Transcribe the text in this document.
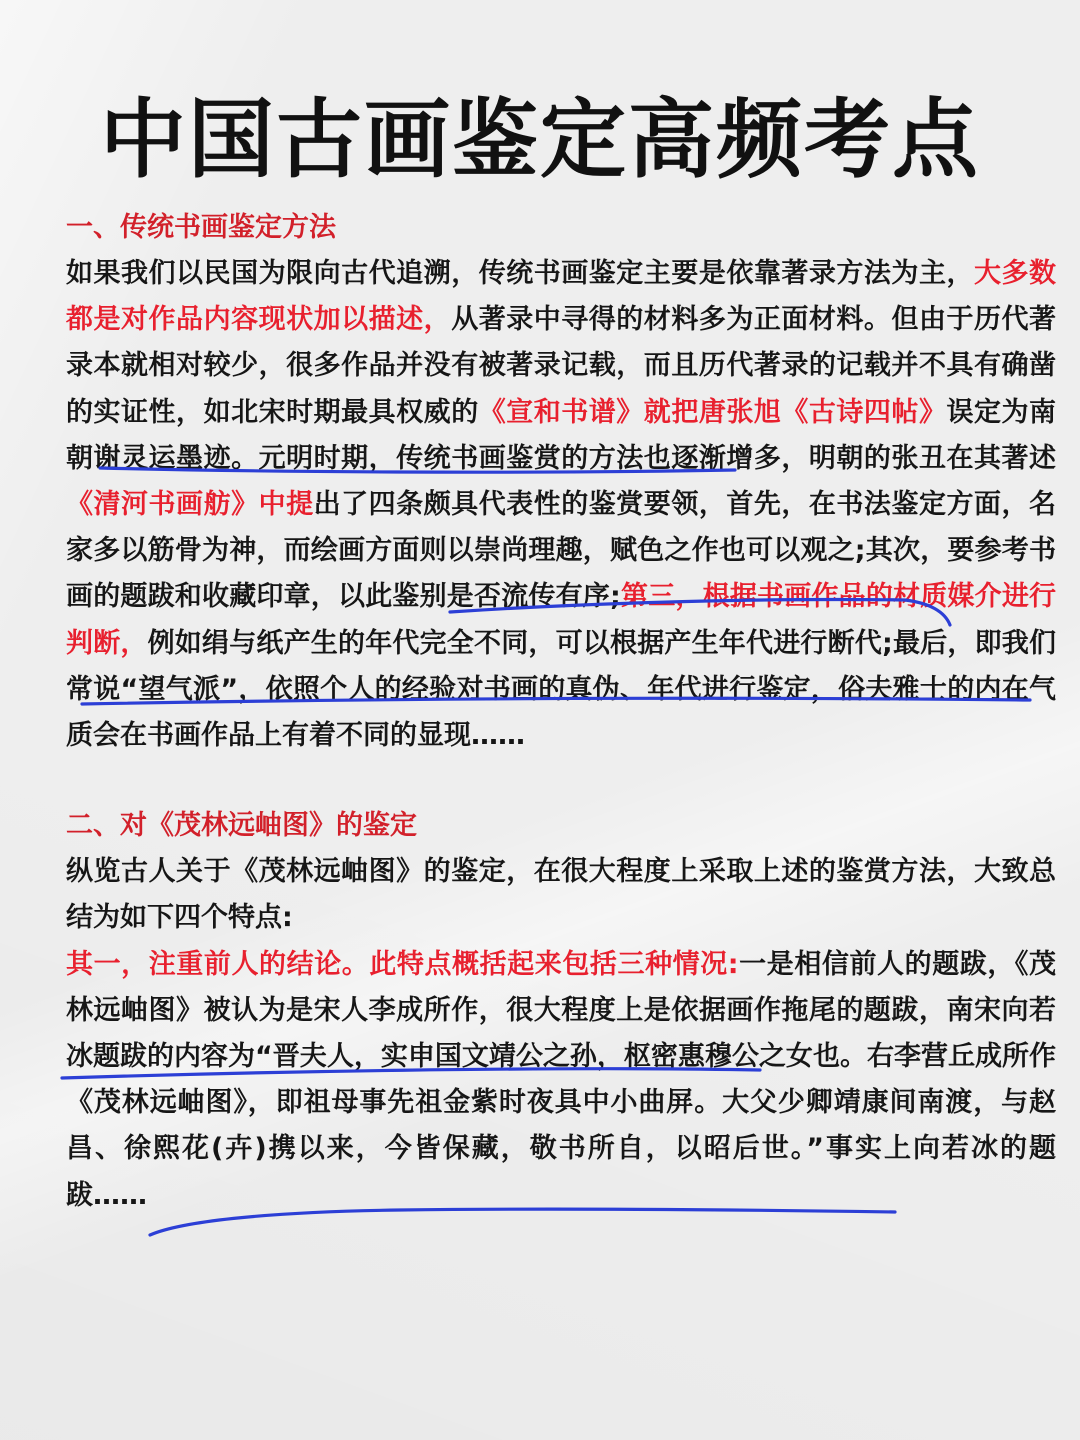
中国古画鉴定高频考点
一、传统书画鉴定方法

如果我们以民国为限向古代追溯，传统书画鉴定主要是依靠著录方法为主，大多数都是对作品内容现状加以描述，从著录中寻得的材料多为正面材料。但由于历代著录本就相对较少，很多作品并没有被著录记载，而且历代著录的记载并不具有确凿的实证性，如北宋时期最具权威的《宣和书谱》就把唐张旭《古诗四帖》误定为南朝谢灵运墨迹。元明时期，传统书画鉴赏的方法也逐渐增多，明朝的张丑在其著述《清河书画舫》中提出了四条颇具代表性的鉴赏要领，首先，在书法鉴定方面，名家多以筋骨为神，而绘画方面则以崇尚理趣，赋色之作也可以观之;其次，要参考书画的题跋和收藏印章，以此鉴别是否流传有序;第三，根据书画作品的材质媒介进行判断，例如绢与纸产生的年代完全不同，可以根据产生年代进行断代;最后，即我们常说“望气派”，依照个人的经验对书画的真伪、年代进行鉴定，俗夫雅士的内在气质会在书画作品上有着不同的显现……

二、对《茂林远岫图》的鉴定

纵览古人关于《茂林远岫图》的鉴定，在很大程度上采取上述的鉴赏方法，大致总结为如下四个特点:
其一，注重前人的结论。此特点概括起来包括三种情况:一是相信前人的题跋，《茂林远岫图》被认为是宋人李成所作，很大程度上是依据画作拖尾的题跋，南宋向若冰题跋的内容为“晋夫人，实申国文靖公之孙，枢密惠穆公之女也。右李营丘成所作《茂林远岫图》，即祖母事先祖金紫时夜具中小曲屏。大父少卿靖康间南渡，与赵昌、徐熙花(卉)携以来，今皆保藏，敬书所自，以昭后世。”事实上向若冰的题跋……
